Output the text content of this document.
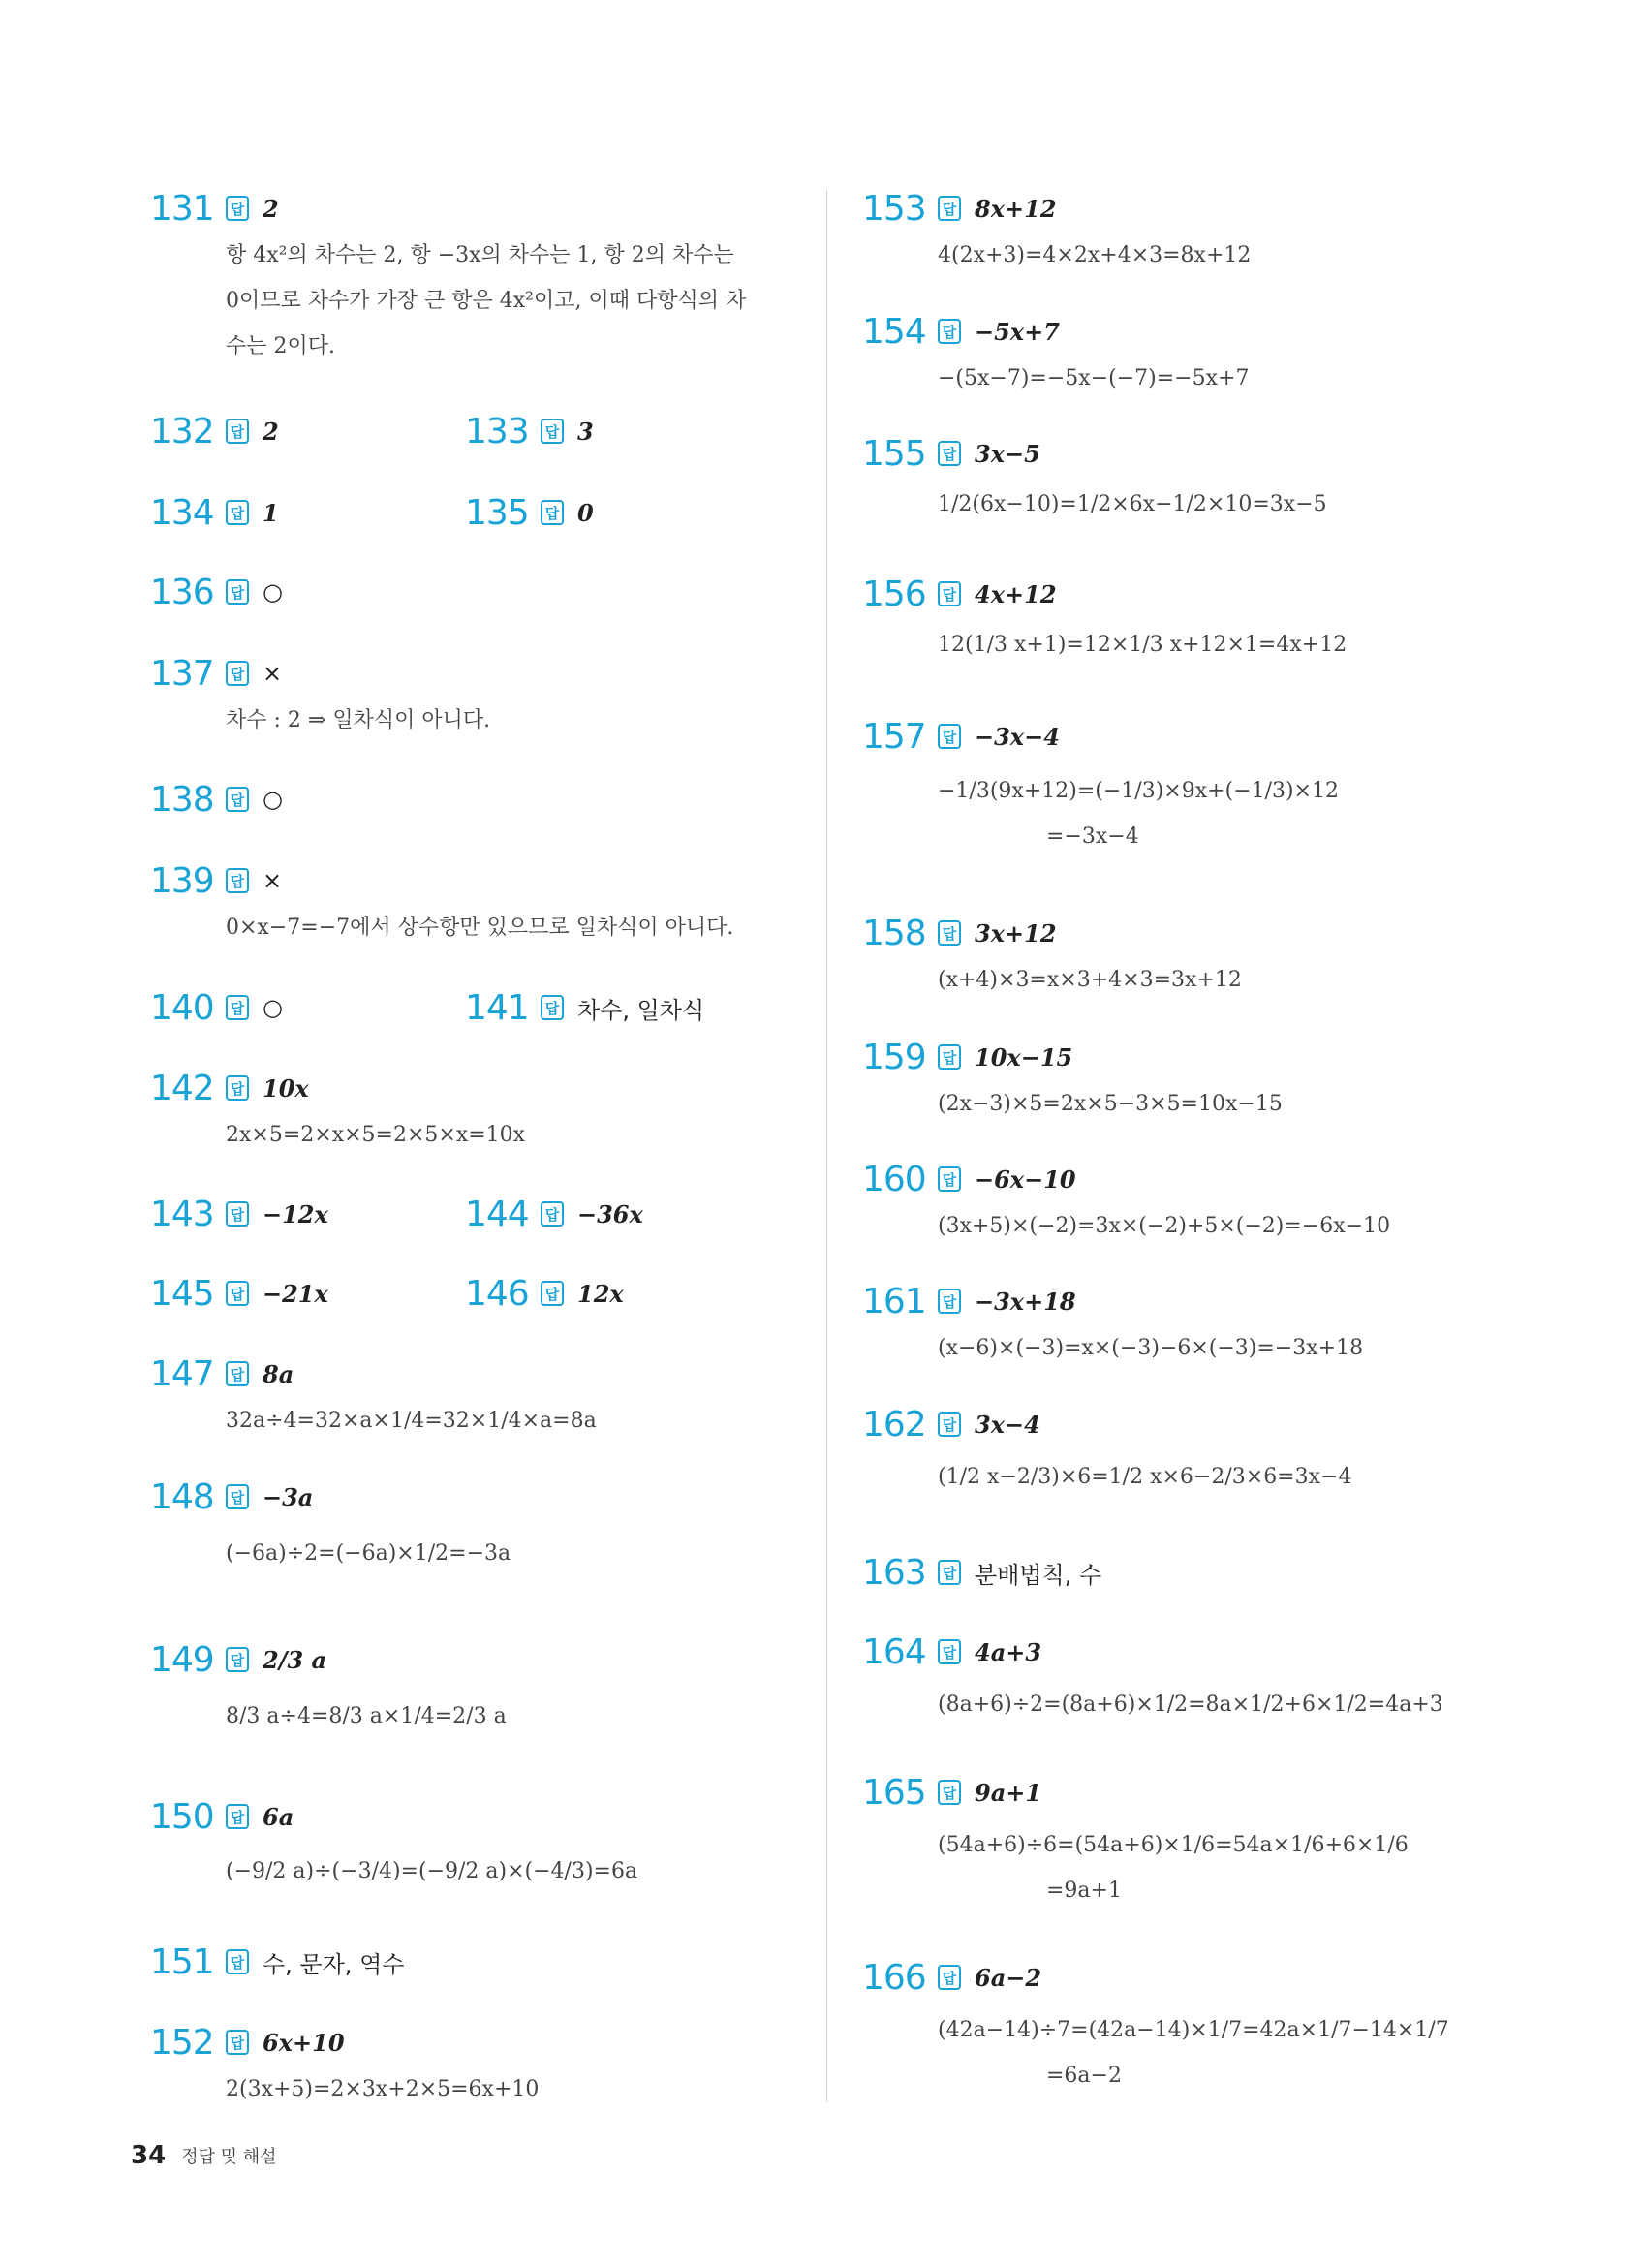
131	답 2
항 4x²의 차수는 2, 항 −3x의 차수는 1, 항 2의 차수는
0이므로 차수가 가장 큰 항은 4x²이고, 이때 다항식의 차
수는 2이다.
132	답 2	133	답 3
134	답 1	135	답 0
136	답 ○
137	답 ×
차수 : 2 ⇒ 일차식이 아니다.
138	답 ○
139	답 ×
0×x−7=−7에서 상수항만 있으므로 일차식이 아니다.
140	답 ○	141	답 차수, 일차식
142	답 10x
2x×5=2×x×5=2×5×x=10x
143	답 −12x	144	답 −36x
145	답 −21x	146	답 12x
147	답 8a
32a÷4=32×a×1/4=32×1/4×a=8a
148	답 −3a
(−6a)÷2=(−6a)×1/2=−3a
149	답 2/3 a
8/3 a÷4=8/3 a×1/4=2/3 a
150	답 6a
(−9/2 a)÷(−3/4)=(−9/2 a)×(−4/3)=6a
151	답 수, 문자, 역수
152	답 6x+10
2(3x+5)=2×3x+2×5=6x+10
153	답 8x+12
4(2x+3)=4×2x+4×3=8x+12
154	답 −5x+7
−(5x−7)=−5x−(−7)=−5x+7
155	답 3x−5
1/2(6x−10)=1/2×6x−1/2×10=3x−5
156	답 4x+12
12(1/3 x+1)=12×1/3 x+12×1=4x+12
157	답 −3x−4
−1/3(9x+12)=(−1/3)×9x+(−1/3)×12
=−3x−4
158	답 3x+12
(x+4)×3=x×3+4×3=3x+12
159	답 10x−15
(2x−3)×5=2x×5−3×5=10x−15
160	답 −6x−10
(3x+5)×(−2)=3x×(−2)+5×(−2)=−6x−10
161	답 −3x+18
(x−6)×(−3)=x×(−3)−6×(−3)=−3x+18
162	답 3x−4
(1/2 x−2/3)×6=1/2 x×6−2/3×6=3x−4
163	답 분배법칙, 수
164	답 4a+3
(8a+6)÷2=(8a+6)×1/2=8a×1/2+6×1/2=4a+3
165	답 9a+1
(54a+6)÷6=(54a+6)×1/6=54a×1/6+6×1/6
=9a+1
166	답 6a−2
(42a−14)÷7=(42a−14)×1/7=42a×1/7−14×1/7
=6a−2
34 정답 및 해설
